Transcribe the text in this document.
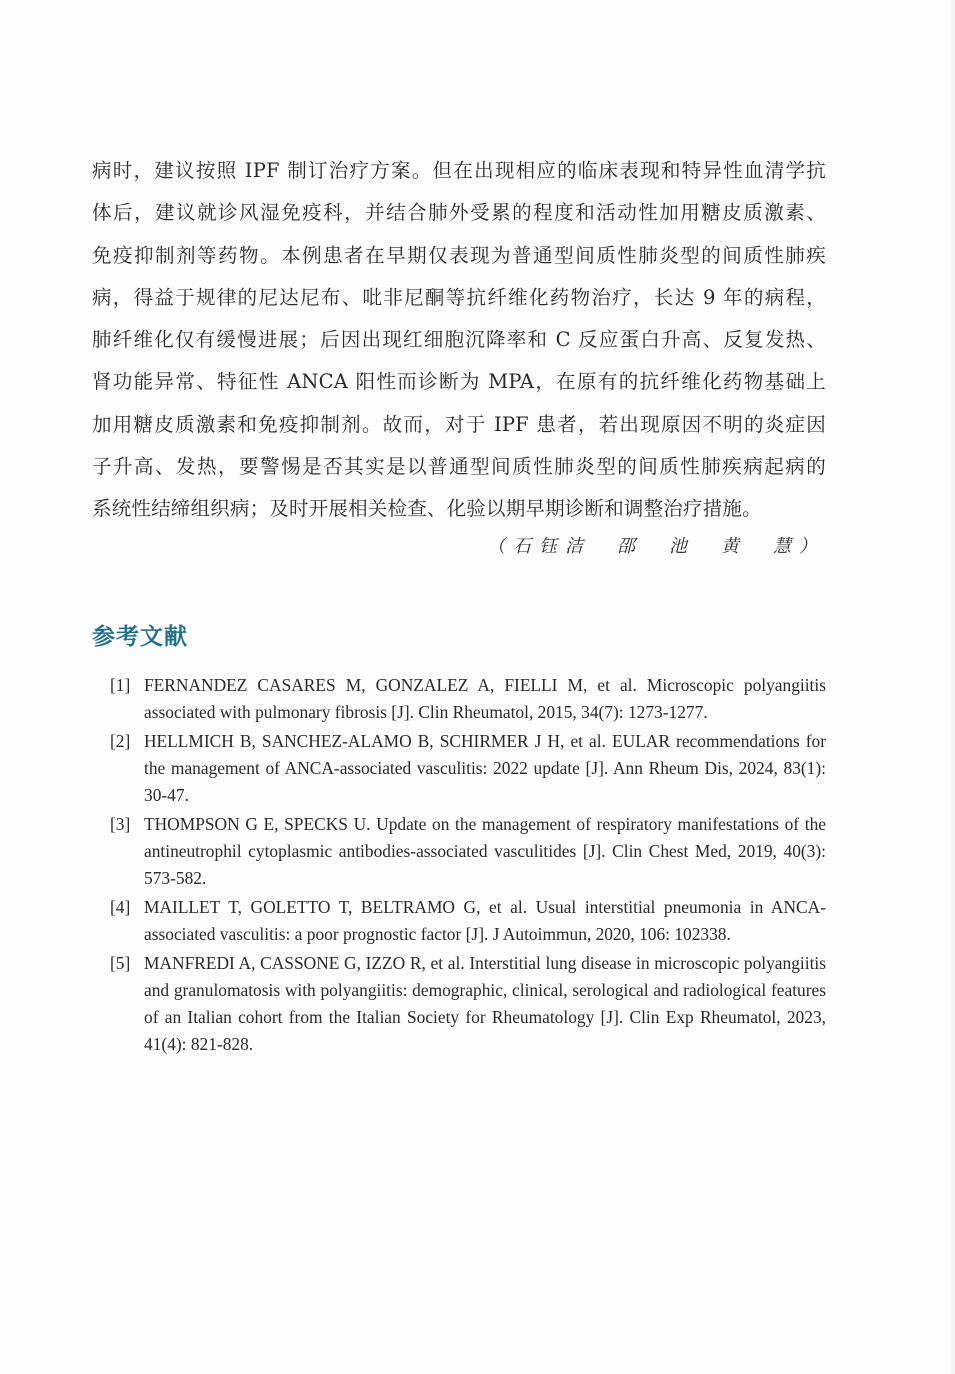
病时，建议按照 IPF 制订治疗方案。但在出现相应的临床表现和特异性血清学抗
体后，建议就诊风湿免疫科，并结合肺外受累的程度和活动性加用糖皮质激素、
免疫抑制剂等药物。本例患者在早期仅表现为普通型间质性肺炎型的间质性肺疾
病，得益于规律的尼达尼布、吡非尼酮等抗纤维化药物治疗，长达 9 年的病程，
肺纤维化仅有缓慢进展；后因出现红细胞沉降率和 C 反应蛋白升高、反复发热、
肾功能异常、特征性 ANCA 阳性而诊断为 MPA，在原有的抗纤维化药物基础上
加用糖皮质激素和免疫抑制剂。故而，对于 IPF 患者，若出现原因不明的炎症因
子升高、发热，要警惕是否其实是以普通型间质性肺炎型的间质性肺疾病起病的
系统性结缔组织病；及时开展相关检查、化验以期早期诊断和调整治疗措施。
（石钰洁　邵　池　黄　慧）
参考文献
[1] FERNANDEZ CASARES M, GONZALEZ A, FIELLI M, et al. Microscopic polyangiitis associated with pulmonary fibrosis [J]. Clin Rheumatol, 2015, 34(7): 1273-1277.
[2] HELLMICH B, SANCHEZ-ALAMO B, SCHIRMER J H, et al. EULAR recommendations for the management of ANCA-associated vasculitis: 2022 update [J]. Ann Rheum Dis, 2024, 83(1): 30-47.
[3] THOMPSON G E, SPECKS U. Update on the management of respiratory manifestations of the antineutrophil cytoplasmic antibodies-associated vasculitides [J]. Clin Chest Med, 2019, 40(3): 573-582.
[4] MAILLET T, GOLETTO T, BELTRAMO G, et al. Usual interstitial pneumonia in ANCA-associated vasculitis: a poor prognostic factor [J]. J Autoimmun, 2020, 106: 102338.
[5] MANFREDI A, CASSONE G, IZZO R, et al. Interstitial lung disease in microscopic polyangiitis and granulomatosis with polyangiitis: demographic, clinical, serological and radiological features of an Italian cohort from the Italian Society for Rheumatology [J]. Clin Exp Rheumatol, 2023, 41(4): 821-828.
